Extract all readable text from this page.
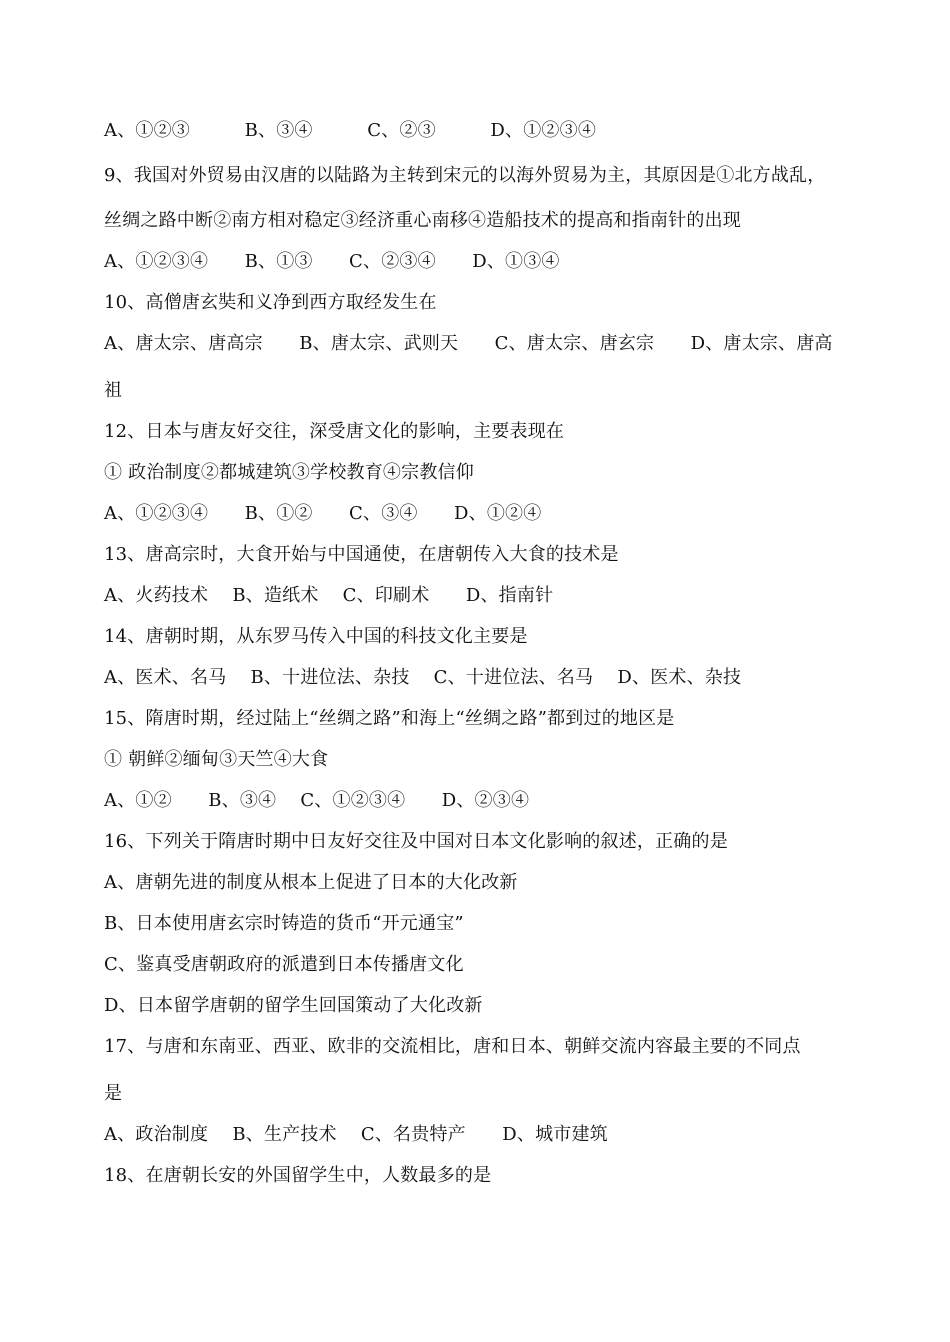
A、①②③　　　B、③④　　　C、②③　　　D、①②③④
9、我国对外贸易由汉唐的以陆路为主转到宋元的以海外贸易为主，其原因是①北方战乱，
丝绸之路中断②南方相对稳定③经济重心南移④造船技术的提高和指南针的出现
A、①②③④　　B、①③　　C、②③④　　D、①③④
10、高僧唐玄奘和义净到西方取经发生在
A、唐太宗、唐高宗　　B、唐太宗、武则天　　C、唐太宗、唐玄宗　　D、唐太宗、唐高
祖
12、日本与唐友好交往，深受唐文化的影响，主要表现在
① 政治制度②都城建筑③学校教育④宗教信仰
A、①②③④　　B、①②　　C、③④　　D、①②④
13、唐高宗时，大食开始与中国通使，在唐朝传入大食的技术是
A、火药技术　 B、造纸术　 C、印刷术　　D、指南针
14、唐朝时期，从东罗马传入中国的科技文化主要是
A、医术、名马　 B、十进位法、杂技　 C、十进位法、名马　 D、医术、杂技
15、隋唐时期，经过陆上“丝绸之路”和海上“丝绸之路”都到过的地区是
① 朝鲜②缅甸③天竺④大食
A、①②　　B、③④　 C、①②③④　　D、②③④
16、下列关于隋唐时期中日友好交往及中国对日本文化影响的叙述，正确的是
A、唐朝先进的制度从根本上促进了日本的大化改新
B、日本使用唐玄宗时铸造的货币“开元通宝”
C、鉴真受唐朝政府的派遣到日本传播唐文化
D、日本留学唐朝的留学生回国策动了大化改新
17、与唐和东南亚、西亚、欧非的交流相比，唐和日本、朝鲜交流内容最主要的不同点
是
A、政治制度　 B、生产技术　 C、名贵特产　　D、城市建筑
18、在唐朝长安的外国留学生中，人数最多的是
